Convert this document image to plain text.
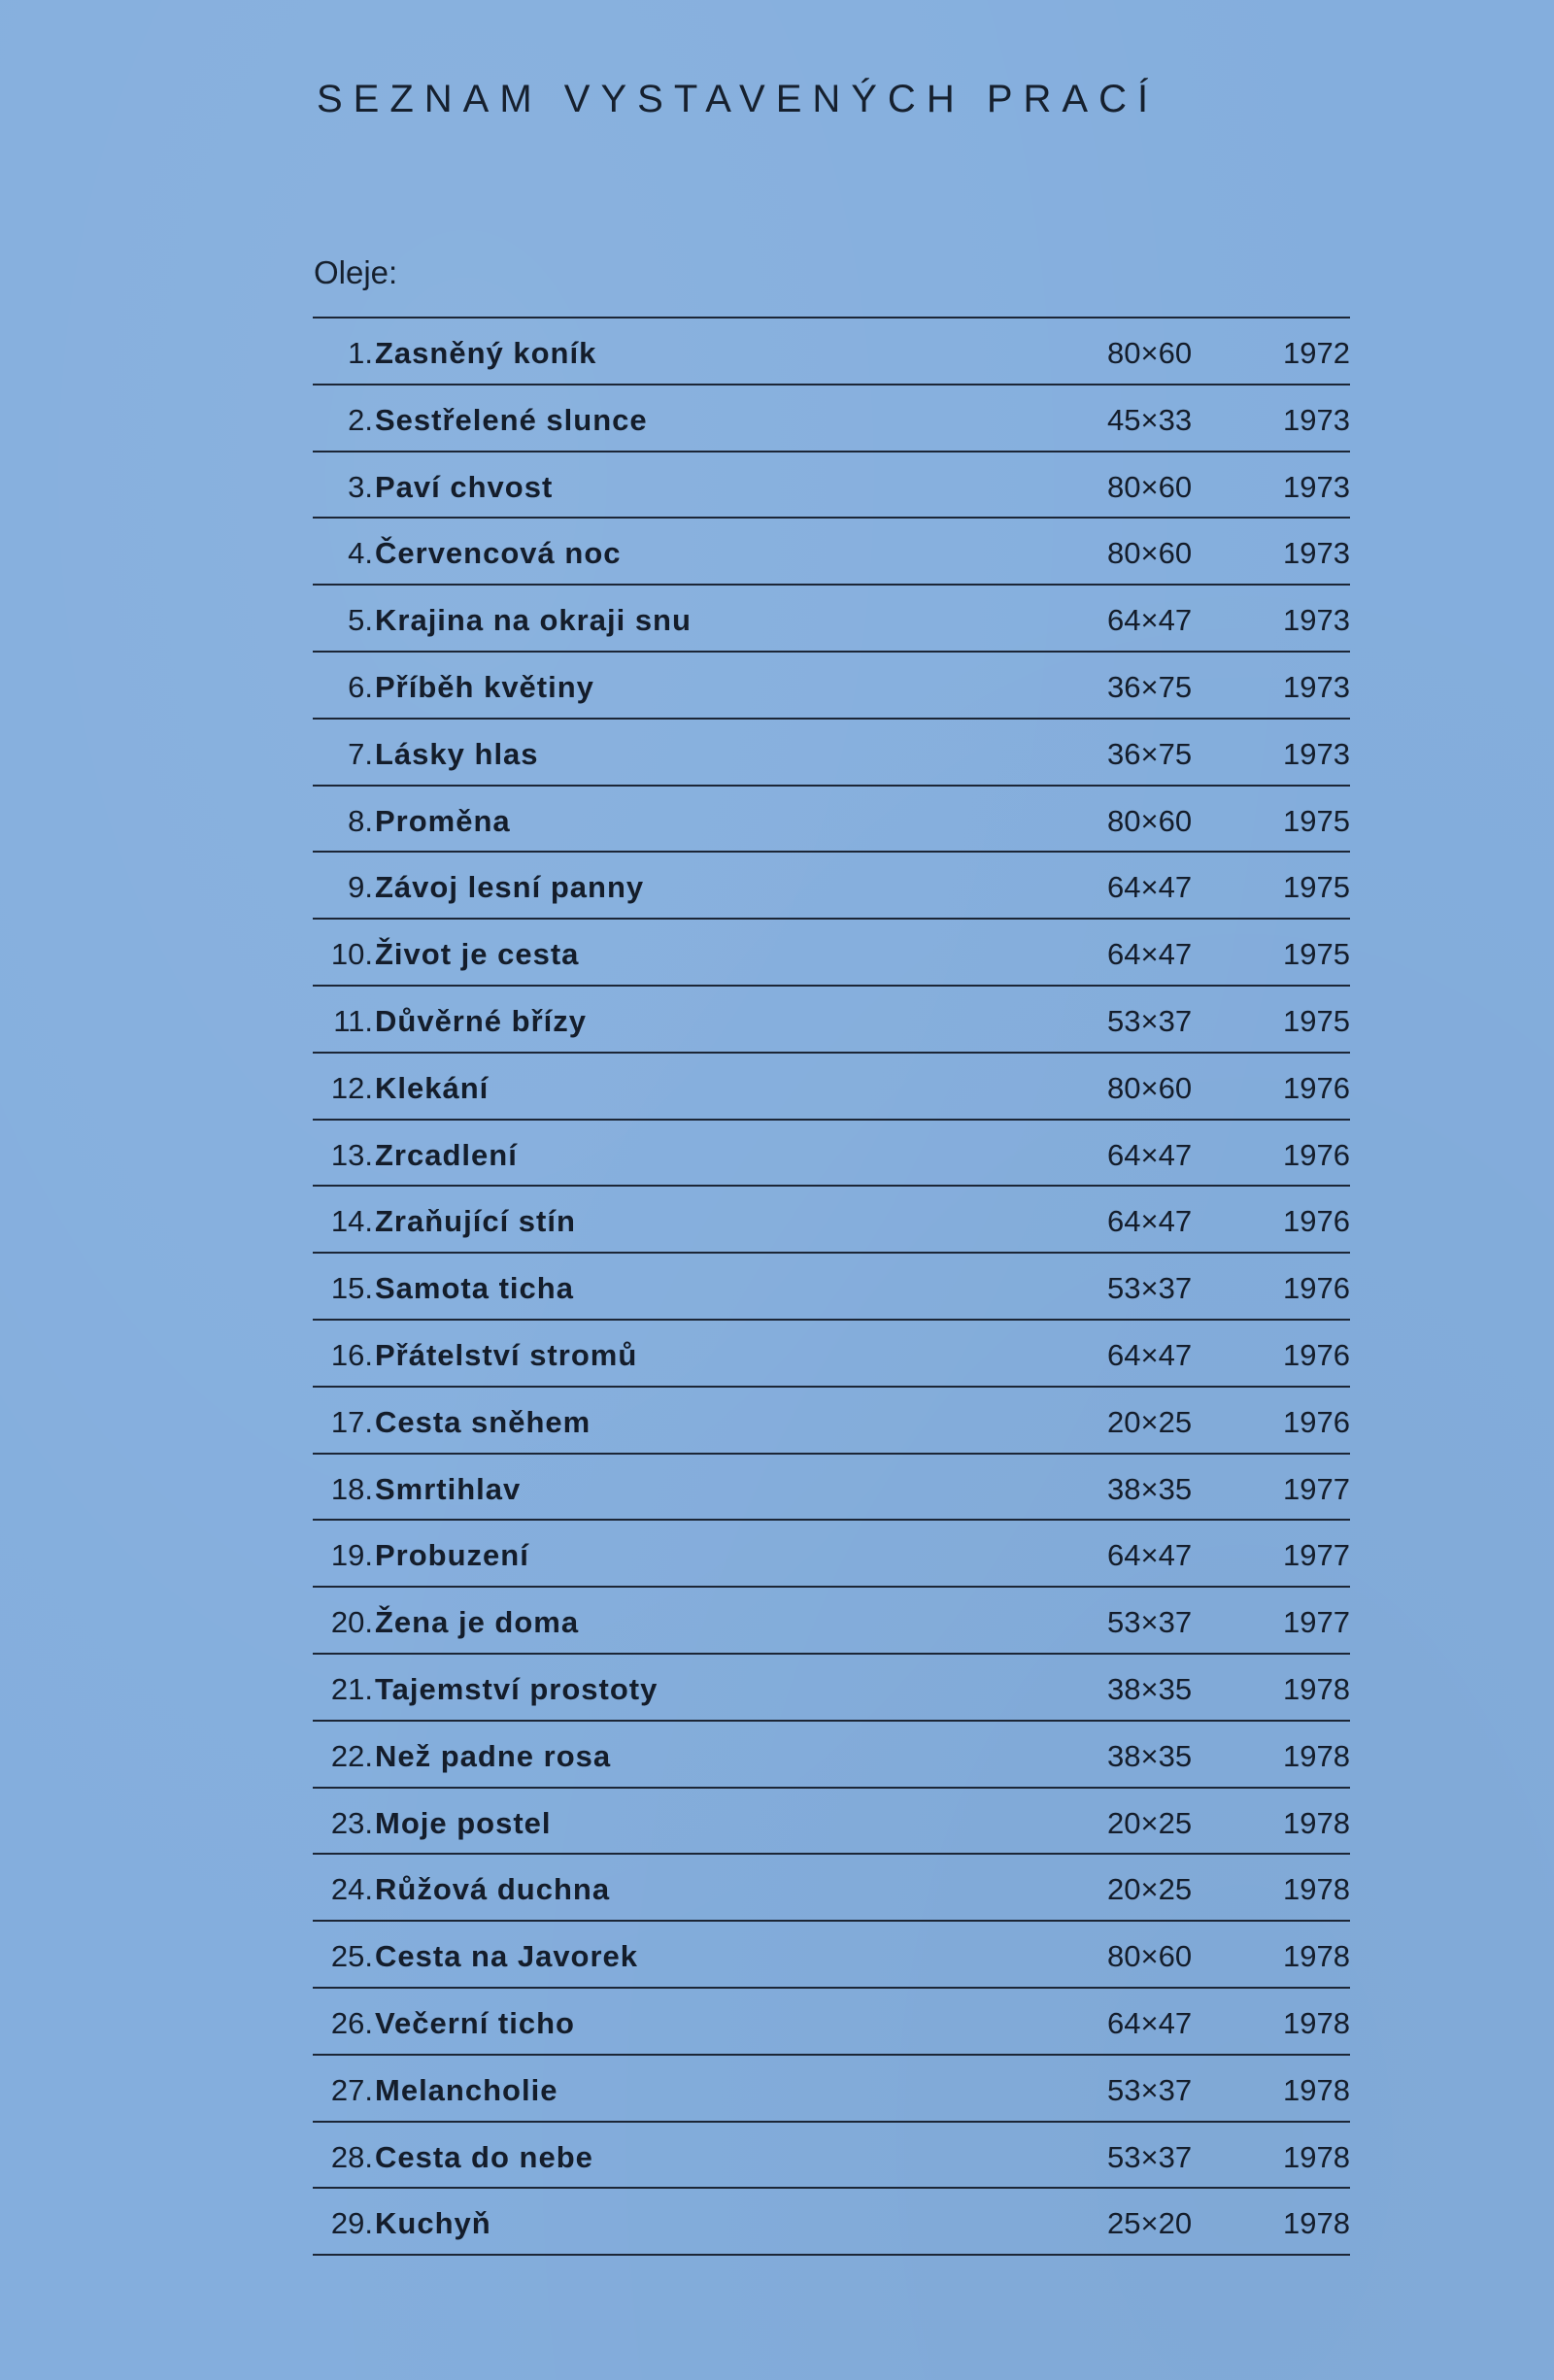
SEZNAM VYSTAVENÝCH PRACÍ
Oleje:
1. Zasněný koník	80×60	1972
2. Sestřelené slunce	45×33	1973
3. Paví chvost	80×60	1973
4. Červencová noc	80×60	1973
5. Krajina na okraji snu	64×47	1973
6. Příběh květiny	36×75	1973
7. Lásky hlas	36×75	1973
8. Proměna	80×60	1975
9. Závoj lesní panny	64×47	1975
10. Život je cesta	64×47	1975
11. Důvěrné břízy	53×37	1975
12. Klekání	80×60	1976
13. Zrcadlení	64×47	1976
14. Zraňující stín	64×47	1976
15. Samota ticha	53×37	1976
16. Přátelství stromů	64×47	1976
17. Cesta sněhem	20×25	1976
18. Smrtihlav	38×35	1977
19. Probuzení	64×47	1977
20. Žena je doma	53×37	1977
21. Tajemství prostoty	38×35	1978
22. Než padne rosa	38×35	1978
23. Moje postel	20×25	1978
24. Růžová duchna	20×25	1978
25. Cesta na Javorek	80×60	1978
26. Večerní ticho	64×47	1978
27. Melancholie	53×37	1978
28. Cesta do nebe	53×37	1978
29. Kuchyň	25×20	1978
